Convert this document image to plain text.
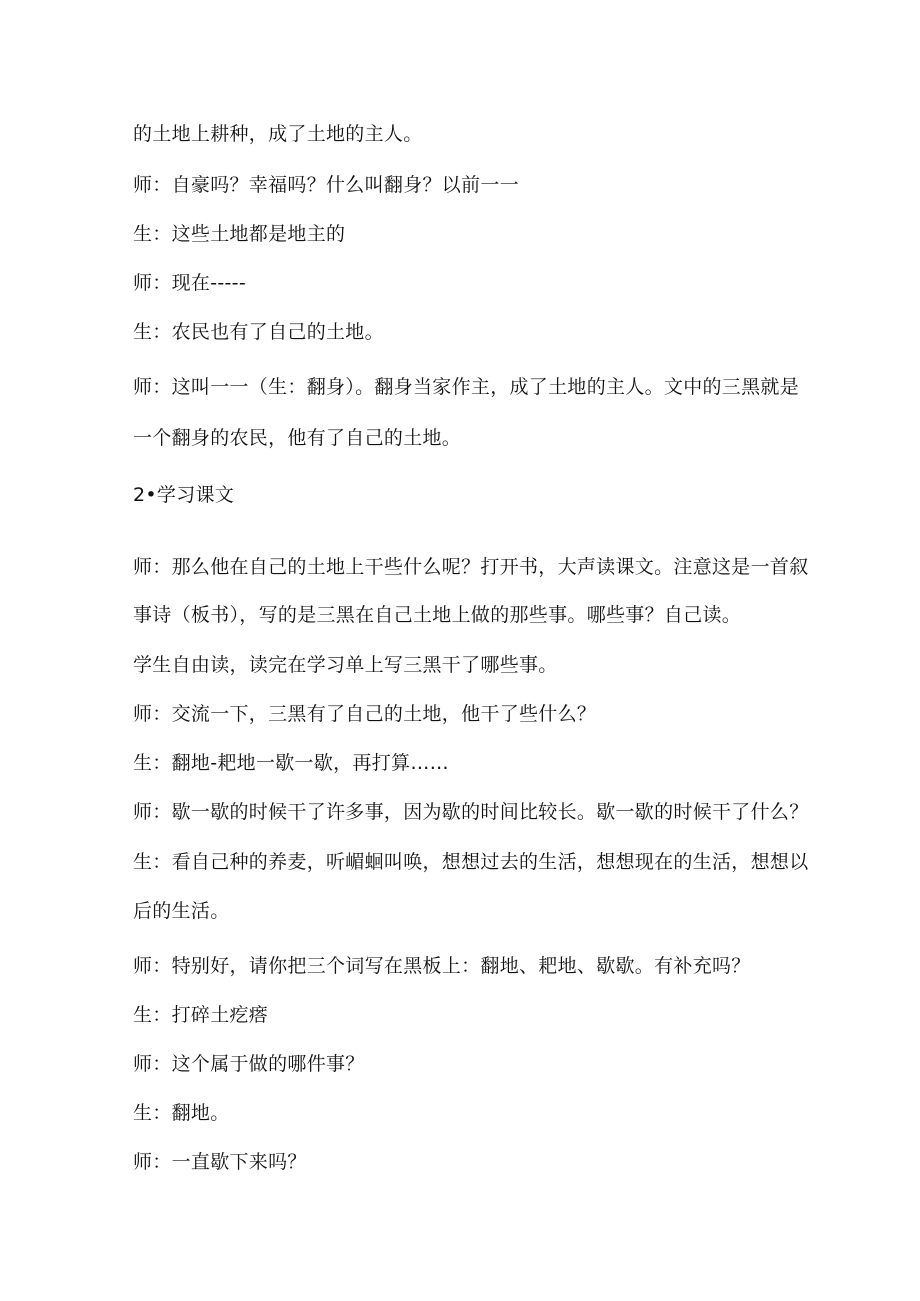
的土地上耕种，成了土地的主人。
师：自豪吗？幸福吗？什么叫翻身？以前一一
生：这些土地都是地主的
师：现在-----
生：农民也有了自己的土地。
师：这叫一一（生：翻身）。翻身当家作主，成了土地的主人。文中的三黑就是
一个翻身的农民，他有了自己的土地。
2•学习课文
师：那么他在自己的土地上干些什么呢？打开书，大声读课文。注意这是一首叙
事诗（板书），写的是三黑在自己土地上做的那些事。哪些事？自己读。
学生自由读，读完在学习单上写三黑干了哪些事。
师：交流一下，三黑有了自己的土地，他干了些什么？
生：翻地-耙地一歇一歇，再打算……
师：歇一歇的时候干了许多事，因为歇的时间比较长。歇一歇的时候干了什么？
生：看自己种的养麦，听嵋蛔叫唤，想想过去的生活，想想现在的生活，想想以
后的生活。
师：特别好，请你把三个词写在黑板上：翻地、耙地、歇歇。有补充吗？
生：打碎土疙瘩
师：这个属于做的哪件事？
生：翻地。
师：一直歇下来吗？
